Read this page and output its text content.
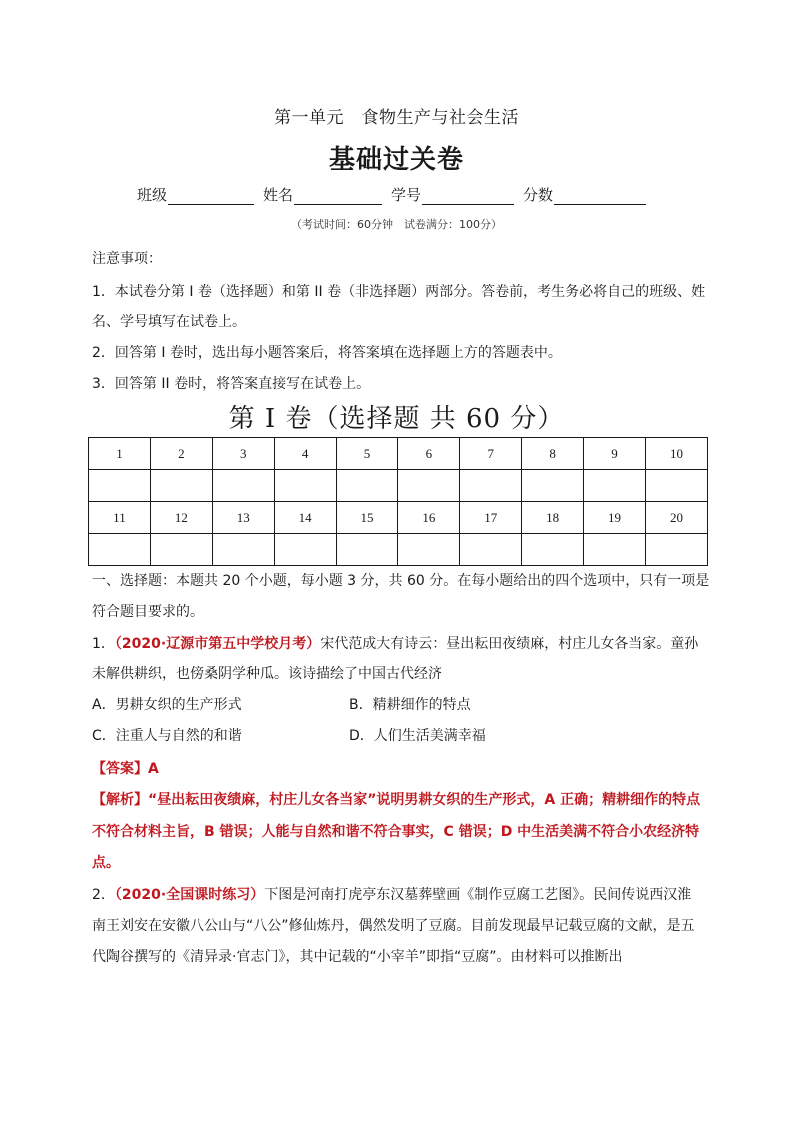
第一单元　食物生产与社会生活
基础过关卷
班级	姓名	学号	分数
（考试时间：60分钟　试卷满分：100分）
注意事项：
1．本试卷分第 I 卷（选择题）和第 II 卷（非选择题）两部分。答卷前，考生务必将自己的班级、姓
名、学号填写在试卷上。
2．回答第 I 卷时，选出每小题答案后，将答案填在选择题上方的答题表中。
3．回答第 II 卷时，将答案直接写在试卷上。
第 I 卷（选择题 共 60 分）
1	2	3	4	5	6	7	8	9	10

11	12	13	14	15	16	17	18	19	20

一、选择题：本题共 20 个小题，每小题 3 分，共 60 分。在每小题给出的四个选项中，只有一项是
符合题目要求的。
1．（2020·辽源市第五中学校月考）宋代范成大有诗云：昼出耘田夜绩麻，村庄儿女各当家。童孙
未解供耕织，也傍桑阴学种瓜。该诗描绘了中国古代经济
A．男耕女织的生产形式	B．精耕细作的特点
C．注重人与自然的和谐	D．人们生活美满幸福
【答案】A
【解析】“昼出耘田夜绩麻，村庄儿女各当家”说明男耕女织的生产形式，A 正确；精耕细作的特点
不符合材料主旨，B 错误；人能与自然和谐不符合事实，C 错误；D 中生活美满不符合小农经济特
点。
2．（2020·全国课时练习）下图是河南打虎亭东汉墓葬壁画《制作豆腐工艺图》。民间传说西汉淮
南王刘安在安徽八公山与“八公”修仙炼丹，偶然发明了豆腐。目前发现最早记载豆腐的文献，是五
代陶谷撰写的《清异录·官志门》，其中记载的“小宰羊”即指“豆腐”。由材料可以推断出
